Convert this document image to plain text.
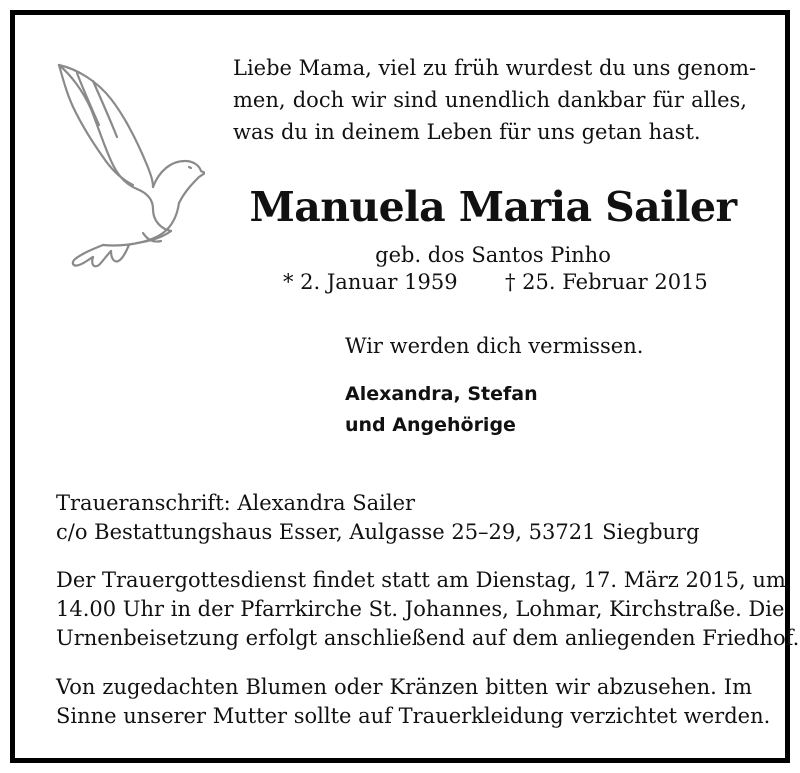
Liebe Mama, viel zu früh wurdest du uns genom-
men, doch wir sind unendlich dankbar für alles,
was du in deinem Leben für uns getan hast.
Manuela Maria Sailer

geb. dos Santos Pinho

* 2. Januar 1959 † 25. Februar 2015

Wir werden dich vermissen.

Alexandra, Stefan
und Angehörige
Traueranschrift: Alexandra Sailer
c/o Bestattungshaus Esser, Aulgasse 25–29, 53721 Siegburg
Der Trauergottesdienst findet statt am Dienstag, 17. März 2015, um
14.00 Uhr in der Pfarrkirche St. Johannes, Lohmar, Kirchstraße. Die
Urnenbeisetzung erfolgt anschließend auf dem anliegenden Friedhof.
Von zugedachten Blumen oder Kränzen bitten wir abzusehen. Im
Sinne unserer Mutter sollte auf Trauerkleidung verzichtet werden.
